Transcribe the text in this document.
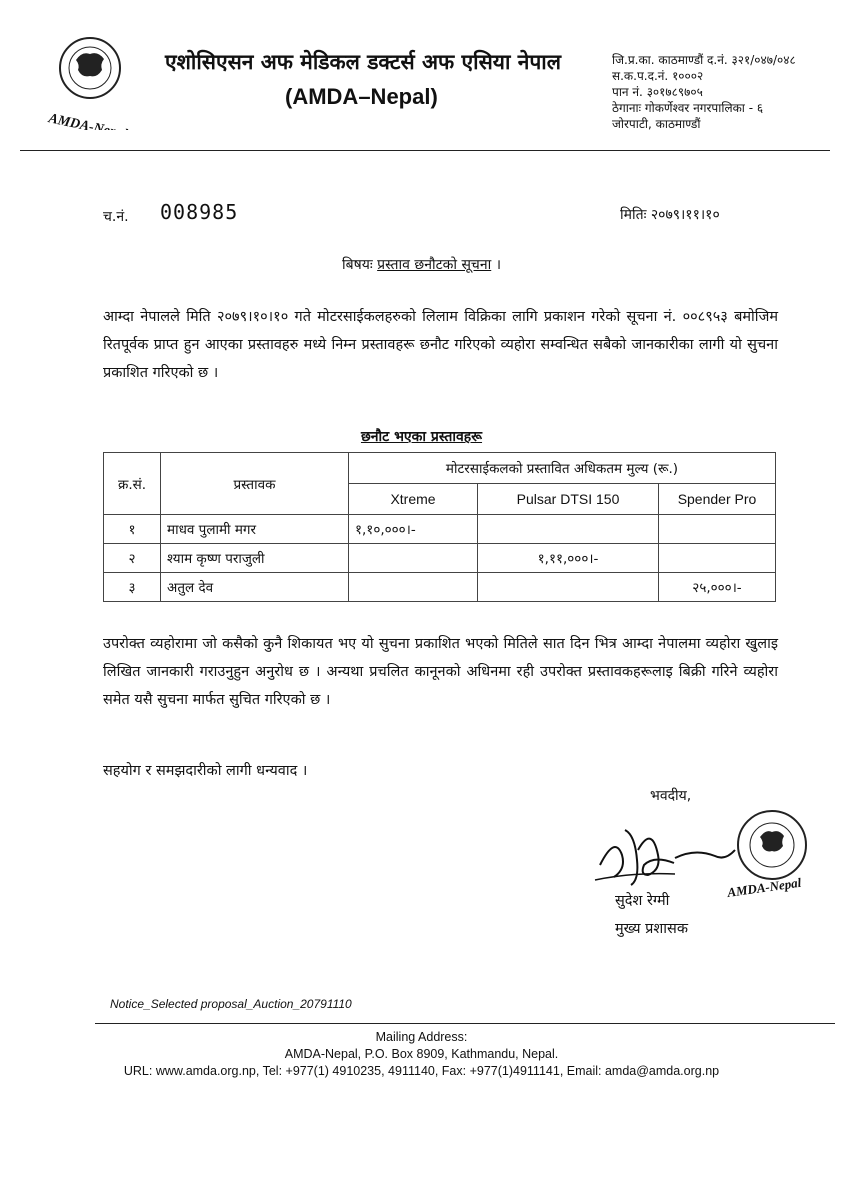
AMDA-Nepal
एशोसिएसन अफ मेडिकल डक्टर्स अफ एसिया नेपाल
(AMDA–Nepal)
जि.प्र.का. काठमाण्डौं द.नं. ३२१/०४७/०४८
स.क.प.द.नं. १०००२
पान नं. ३०१७८९७०५
ठेगानाः गोकर्णेश्वर नगरपालिका - ६
जोरपाटी, काठमाण्डौं
च.नं. 008985	मितिः २०७९।११।१०
बिषयः प्रस्ताव छनौटको सूचना ।
आम्दा नेपालले मिति २०७९।१०।१० गते मोटरसाईकलहरुको लिलाम विक्रिका लागि प्रकाशन गरेको सूचना नं. ००८९५३ बमोजिम रितपूर्वक प्राप्त हुन आएका प्रस्तावहरु मध्ये निम्न प्रस्तावहरू छनौट गरिएको व्यहोरा सम्वन्धित सबैको जानकारीका लागी यो सुचना प्रकाशित गरिएको छ ।
छनौट भएका प्रस्तावहरू
क्र.सं.	प्रस्तावक	मोटरसाईकलको प्रस्तावित अधिकतम मुल्य (रू.)		
		Xtreme	Pulsar DTSI 150	Spender Pro
१	माधव पुलामी मगर	१,१०,०००।-		
२	श्याम कृष्ण पराजुली		१,११,०००।-	
३	अतुल देव			२५,०००।-
उपरोक्त व्यहोरामा जो कसैको कुनै शिकायत भए यो सुचना प्रकाशित भएको मितिले सात दिन भित्र आम्दा नेपालमा व्यहोरा खुलाइ लिखित जानकारी गराउनुहुन अनुरोध छ । अन्यथा प्रचलित कानूनको अधिनमा रही उपरोक्त प्रस्तावकहरूलाइ बिक्री गरिने व्यहोरा समेत यसै सुचना मार्फत सुचित गरिएको छ ।
सहयोग र समझदारीको लागी धन्यवाद ।
भवदीय,
AMDA-Nepal
सुदेश रेग्मी
मुख्य प्रशासक
Notice_Selected proposal_Auction_20791110
Mailing Address:
AMDA-Nepal, P.O. Box 8909, Kathmandu, Nepal.
URL: www.amda.org.np, Tel: +977(1) 4910235, 4911140, Fax: +977(1)4911141, Email: amda@amda.org.np
